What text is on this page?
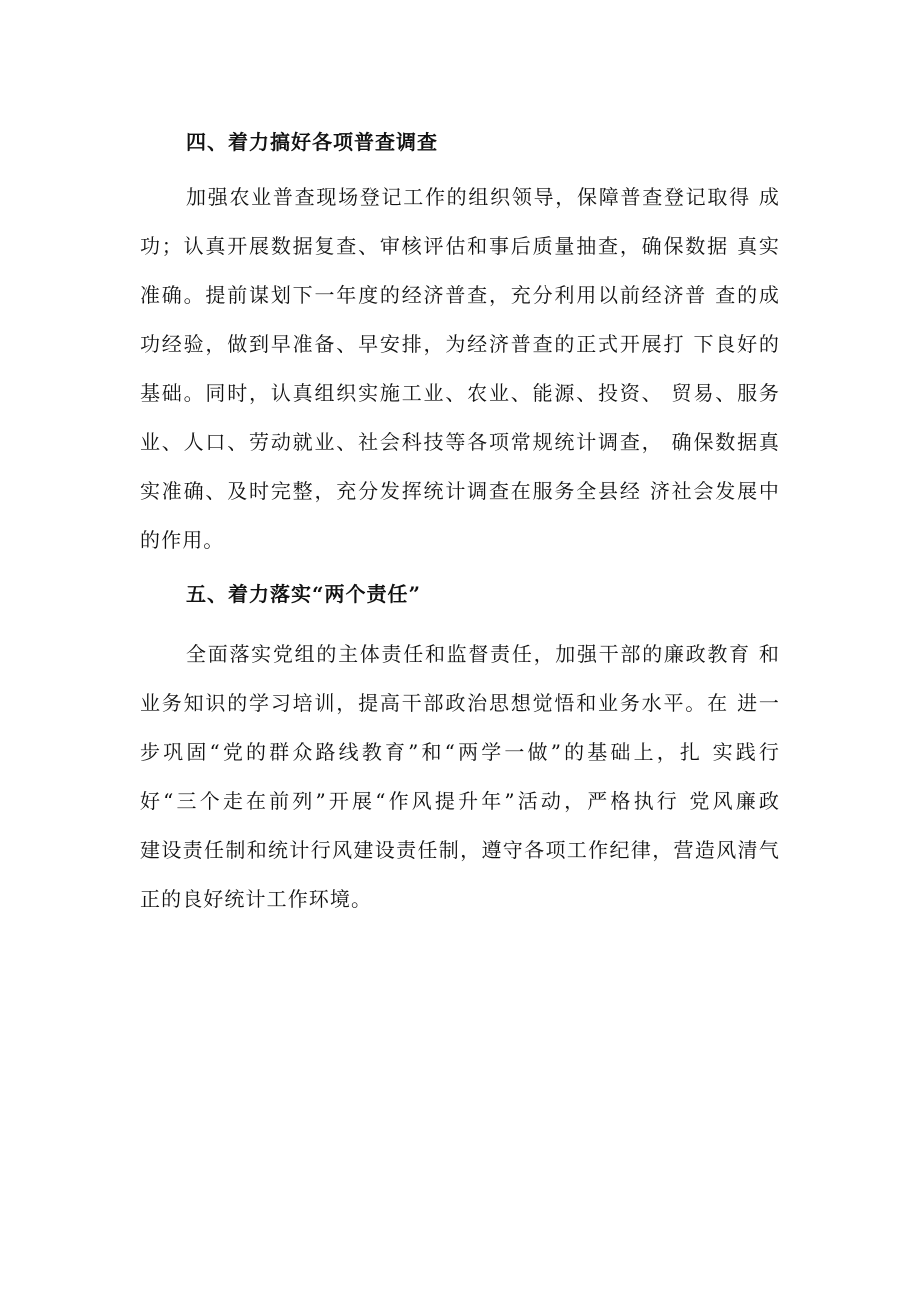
四、着力搞好各项普查调查
加强农业普查现场登记工作的组织领导，保障普查登记取得 成
功；认真开展数据复查、审核评估和事后质量抽查，确保数据 真实
准确。提前谋划下一年度的经济普查，充分利用以前经济普 查的成
功经验，做到早准备、早安排，为经济普查的正式开展打 下良好的
基础。同时，认真组织实施工业、农业、能源、投资、 贸易、服务
业、人口、劳动就业、社会科技等各项常规统计调查， 确保数据真
实准确、及时完整，充分发挥统计调查在服务全县经 济社会发展中
的作用。
五、着力落实“两个责任”
全面落实党组的主体责任和监督责任，加强干部的廉政教育 和
业务知识的学习培训，提高干部政治思想觉悟和业务水平。在 进一
步巩固“党的群众路线教育”和“两学一做”的基础上，扎 实践行
好“三个走在前列”开展“作风提升年”活动，严格执行 党风廉政
建设责任制和统计行风建设责任制，遵守各项工作纪律，营造风清气
正的良好统计工作环境。
